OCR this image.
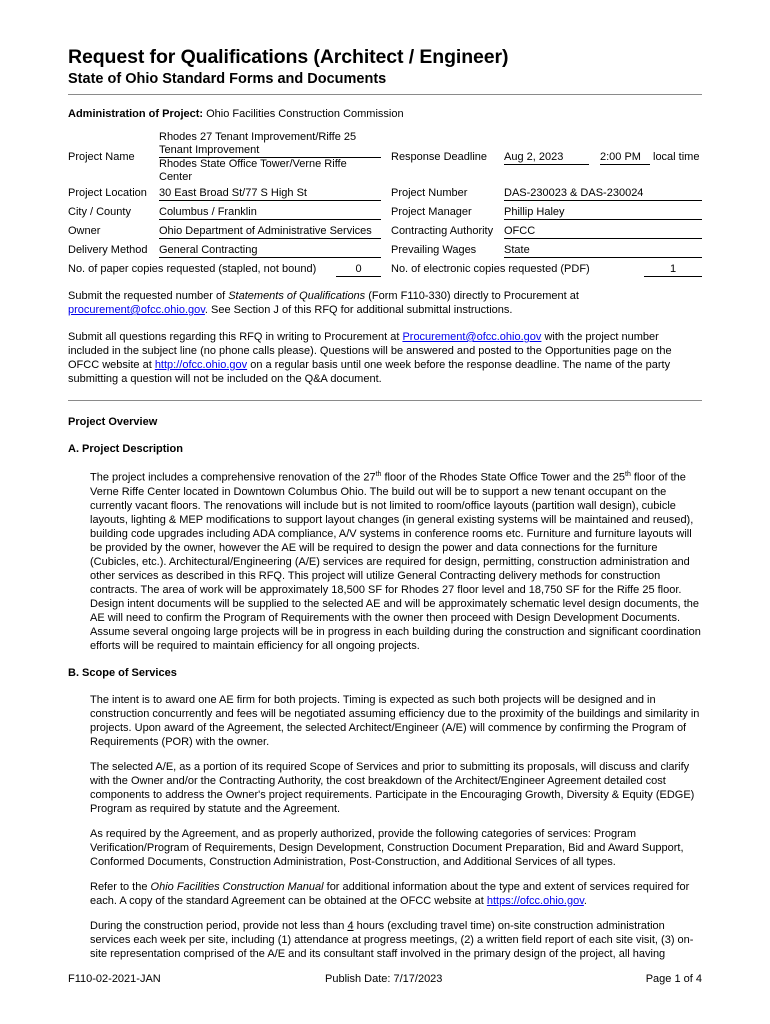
Request for Qualifications (Architect / Engineer)
State of Ohio Standard Forms and Documents
Administration of Project: Ohio Facilities Construction Commission
Project Name
Rhodes 27 Tenant Improvement/Riffe 25
Tenant Improvement
Rhodes State Office Tower/Verne Riffe
Center
Response Deadline Aug 2, 2023	2:00 PM	local time
Project Location 30 East Broad St/77 S High St	Project Number	DAS-230023 & DAS-230024
City / County	Columbus / Franklin	Project Manager	Phillip Haley
Owner	Ohio Department of Administrative Services	Contracting Authority OFCC
Delivery Method General Contracting	Prevailing Wages	State
No. of paper copies requested (stapled, not bound)	0	No. of electronic copies requested (PDF)	1

Submit the requested number of Statements of Qualifications (Form F110-330) directly to Procurement at
procurement@ofcc.ohio.gov. See Section J of this RFQ for additional submittal instructions.

Submit all questions regarding this RFQ in writing to Procurement at Procurement@ofcc.ohio.gov with the project number included in the subject line (no phone calls please). Questions will be answered and posted to the Opportunities page on the OFCC website at http://ofcc.ohio.gov on a regular basis until one week before the response deadline. The name of the party submitting a question will not be included on the Q&A document.

Project Overview

A. Project Description

The project includes a comprehensive renovation of the 27th floor of the Rhodes State Office Tower and the 25th floor of the Verne Riffe Center located in Downtown Columbus Ohio. The build out will be to support a new tenant occupant on the currently vacant floors. The renovations will include but is not limited to room/office layouts (partition wall design), cubicle layouts, lighting & MEP modifications to support layout changes (in general existing systems will be maintained and reused), building code upgrades including ADA compliance, A/V systems in conference rooms etc. Furniture and furniture layouts will be provided by the owner, however the AE will be required to design the power and data connections for the furniture (Cubicles, etc.). Architectural/Engineering (A/E) services are required for design, permitting, construction administration and other services as described in this RFQ. This project will utilize General Contracting delivery methods for construction contracts. The area of work will be approximately 18,500 SF for Rhodes 27 floor level and 18,750 SF for the Riffe 25 floor. Design intent documents will be supplied to the selected AE and will be approximately schematic level design documents, the AE will need to confirm the Program of Requirements with the owner then proceed with Design Development Documents. Assume several ongoing large projects will be in progress in each building during the construction and significant coordination efforts will be required to maintain efficiency for all ongoing projects.

B. Scope of Services

The intent is to award one AE firm for both projects. Timing is expected as such both projects will be designed and in construction concurrently and fees will be negotiated assuming efficiency due to the proximity of the buildings and similarity in projects. Upon award of the Agreement, the selected Architect/Engineer (A/E) will commence by confirming the Program of Requirements (POR) with the owner.

The selected A/E, as a portion of its required Scope of Services and prior to submitting its proposals, will discuss and clarify with the Owner and/or the Contracting Authority, the cost breakdown of the Architect/Engineer Agreement detailed cost components to address the Owner's project requirements. Participate in the Encouraging Growth, Diversity & Equity (EDGE) Program as required by statute and the Agreement.

As required by the Agreement, and as properly authorized, provide the following categories of services: Program Verification/Program of Requirements, Design Development, Construction Document Preparation, Bid and Award Support, Conformed Documents, Construction Administration, Post-Construction, and Additional Services of all types.

Refer to the Ohio Facilities Construction Manual for additional information about the type and extent of services required for each. A copy of the standard Agreement can be obtained at the OFCC website at https://ofcc.ohio.gov.

During the construction period, provide not less than 4 hours (excluding travel time) on-site construction administration services each week per site, including (1) attendance at progress meetings, (2) a written field report of each site visit, (3) on-site representation comprised of the A/E and its consultant staff involved in the primary design of the project, all having

F110-02-2021-JAN	Publish Date: 7/17/2023	Page 1 of 4
